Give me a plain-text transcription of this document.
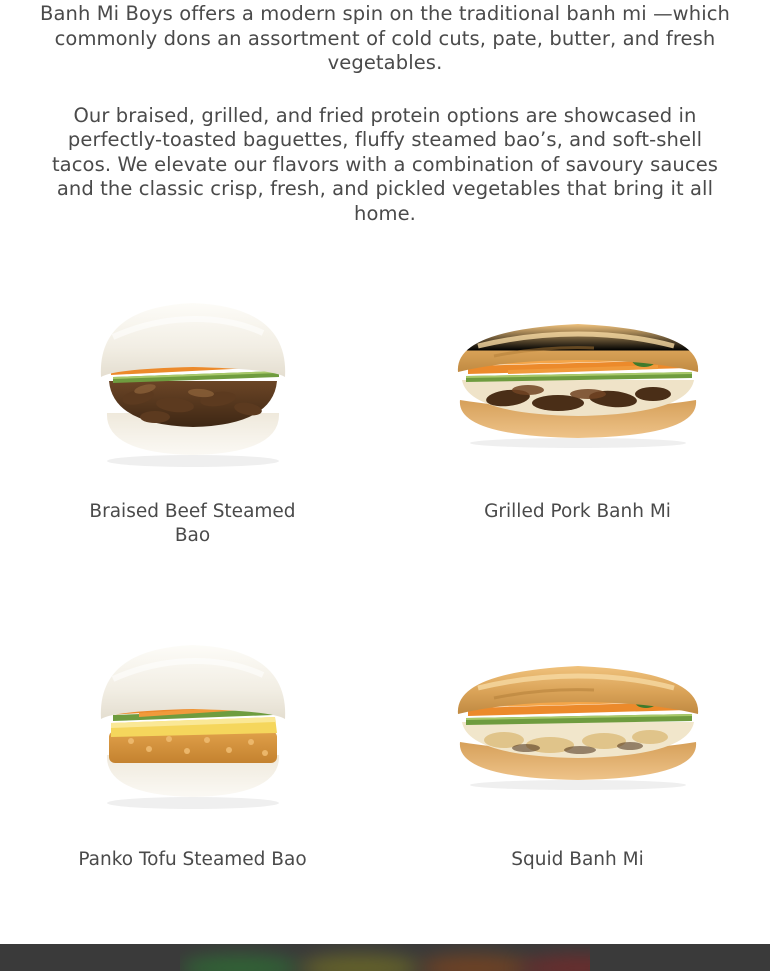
Banh Mi Boys offers a modern spin on the traditional banh mi —which commonly dons an assortment of cold cuts, pate, butter, and fresh vegetables.

Our braised, grilled, and fried protein options are showcased in perfectly-toasted baguettes, fluffy steamed bao’s, and soft-shell tacos. We elevate our flavors with a combination of savoury sauces and the classic crisp, fresh, and pickled vegetables that bring it all home.

Braised Beef Steamed Bao
Grilled Pork Banh Mi
Panko Tofu Steamed Bao	Squid Banh Mi
